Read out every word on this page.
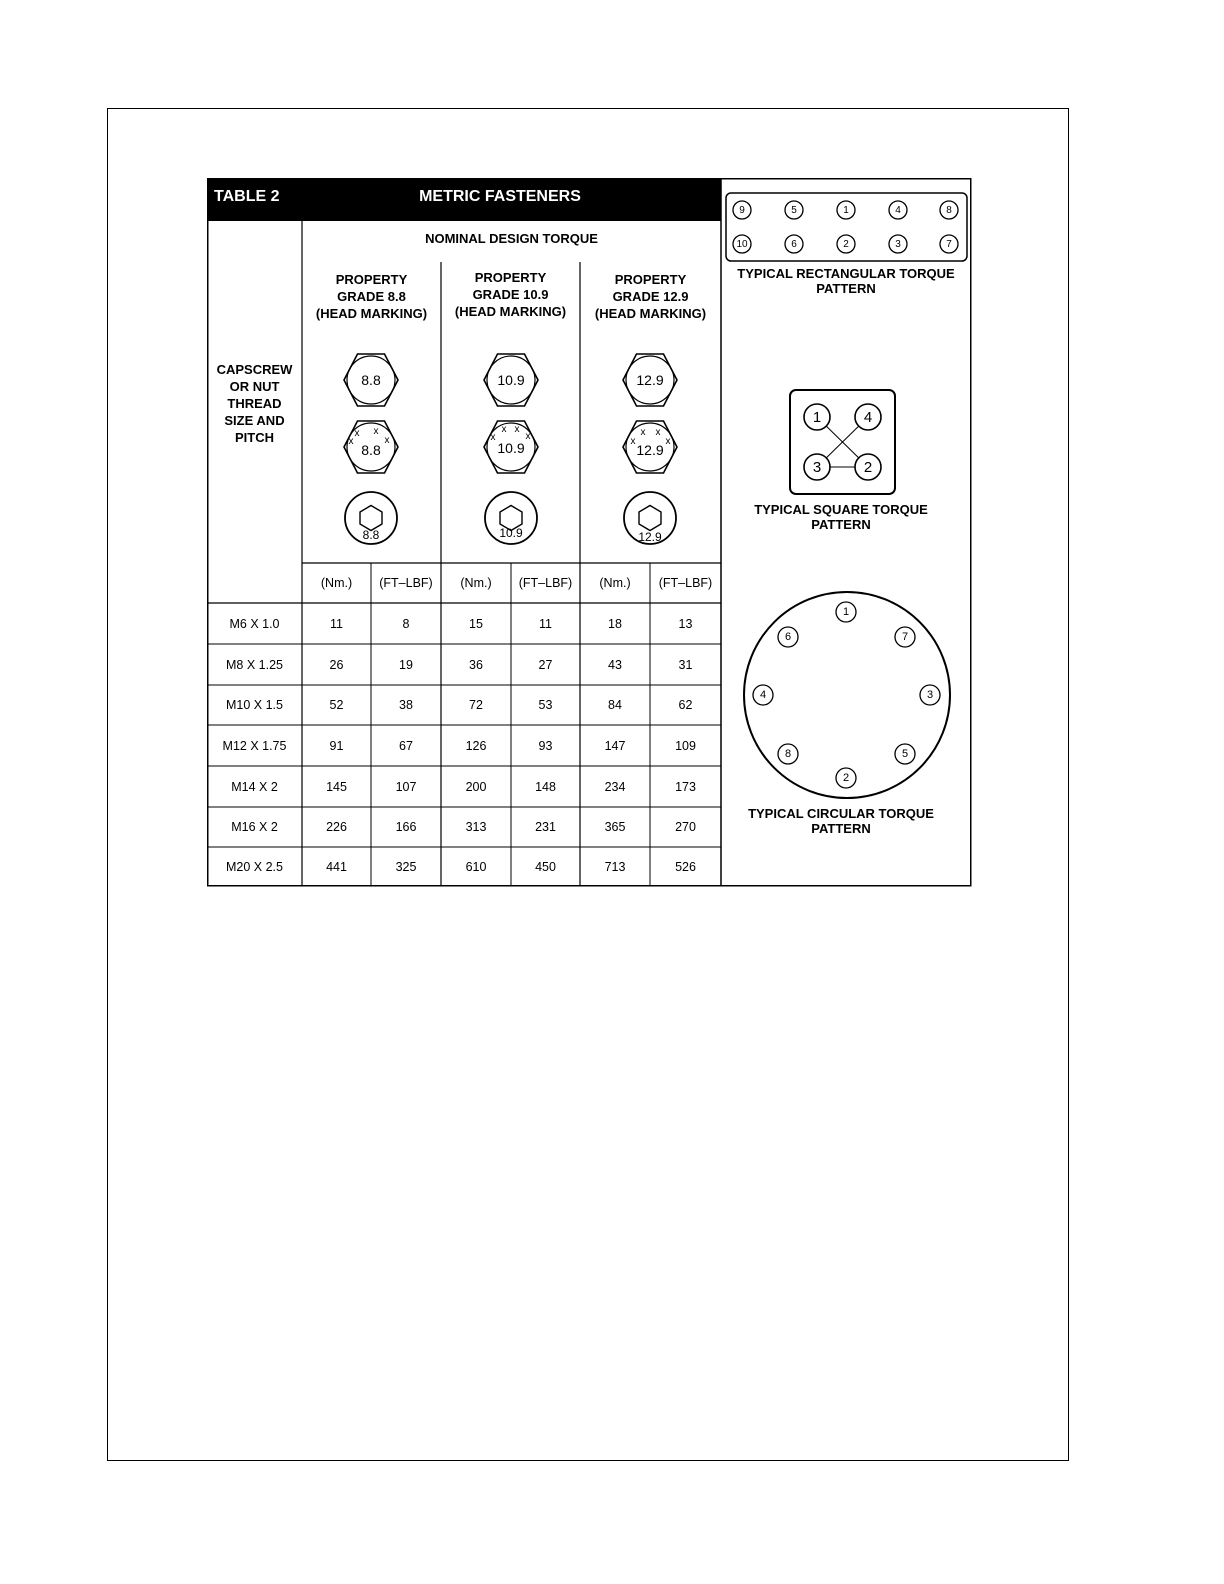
TABLE 2	METRIC FASTENERS
NOMINAL DESIGN TORQUE
CAPSCREW
OR NUT
THREAD
SIZE AND
PITCH
PROPERTY
GRADE 8.8
(HEAD MARKING)
PROPERTY
GRADE 10.9
(HEAD MARKING)
PROPERTY
GRADE 12.9
(HEAD MARKING)
8.8
8.8
8.8
10.9
10.9
10.9
12.9
12.9
12.9
x x
x	x
x x
x	x	x x
x	x
(Nm.)	(FT–LBF)	(Nm.)	(FT–LBF)	(Nm.)	(FT–LBF)
M6 X 1.0	11	8	15	11	18	13
M8 X 1.25	26	19	36	27	43	31
M10 X 1.5	52	38	72	53	84	62
M12 X 1.75	91	67	126	93	147	109
M14 X 2	145	107	200	148	234	173
M16 X 2	226	166	313	231	365	270
M20 X 2.5	441	325	610	450	713	526
TYPICAL RECTANGULAR TORQUE
PATTERN
TYPICAL SQUARE TORQUE
PATTERN
TYPICAL CIRCULAR TORQUE
PATTERN
1	4
3	2
9	5	1	4	8
10	6	2	3	7
1
7
3
5
2
8
4
6
